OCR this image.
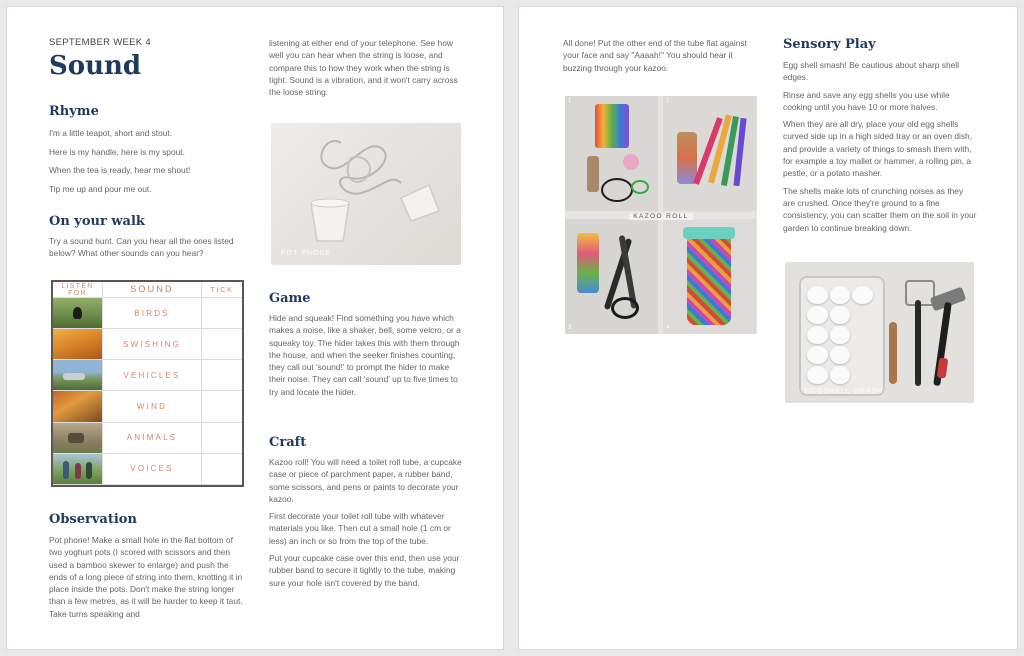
SEPTEMBER WEEK 4
Sound
Rhyme
I'm a little teapot, short and stout.
Here is my handle, here is my spout.
When the tea is ready, hear me shout!
Tip me up and pour me out.
On your walk
Try a sound hunt. Can you hear all the ones listed below? What other sounds can you hear?
LISTEN FOR	SOUND	TICK
BIRDS
SWISHING
VEHICLES
WIND
ANIMALS
VOICES
Observation
Pot phone! Make a small hole in the flat bottom of two yoghurt pots (I scored with scissors and then used a bamboo skewer to enlarge) and push the ends of a long piece of string into them, knotting it in place inside the pots. Don't make the string longer than a few metres, as it will be harder to keep it taut. Take turns speaking and
listening at either end of your telephone. See how well you can hear when the string is loose, and compare this to how they work when the string is tight. Sound is a vibration, and it won't carry across the loose string.
POT PHONE
Game
Hide and squeak! Find something you have which makes a noise, like a shaker, bell, some velcro, or a squeaky toy. The hider takes this with them through the house, and when the seeker finishes counting, they call out 'sound!' to prompt the hider to make their noise. They can call 'sound' up to five times to try and locate the hider.
Craft

Kazoo roll! You will need a toilet roll tube, a cupcake case or piece of parchment paper, a rubber band, some scissors, and pens or paints to decorate your kazoo.

First decorate your toilet roll tube with whatever materials you like. Then cut a small hole (1 cm or less) an inch or so from the top of the tube.

Put your cupcake case over this end, then use your rubber band to secure it tightly to the tube, making sure your hole isn't covered by the band.

All done! Put the other end of the tube flat against your face and say "Aaaah!" You should hear it buzzing through your kazoo.
1	2
3	4
KAZOO ROLL
Sensory Play

Egg shell smash! Be cautious about sharp shell edges.

Rinse and save any egg shells you use while cooking until you have 10 or more halves.

When they are all dry, place your old egg shells curved side up in a high sided tray or an oven dish, and provide a variety of things to smash them with, for example a toy mallet or hammer, a rolling pin, a pestle, or a potato masher.

The shells make lots of crunching noises as they are crushed. Once they're ground to a fine consistency, you can scatter them on the soil in your garden to continue breaking down.

EGGSHELL SMASH
